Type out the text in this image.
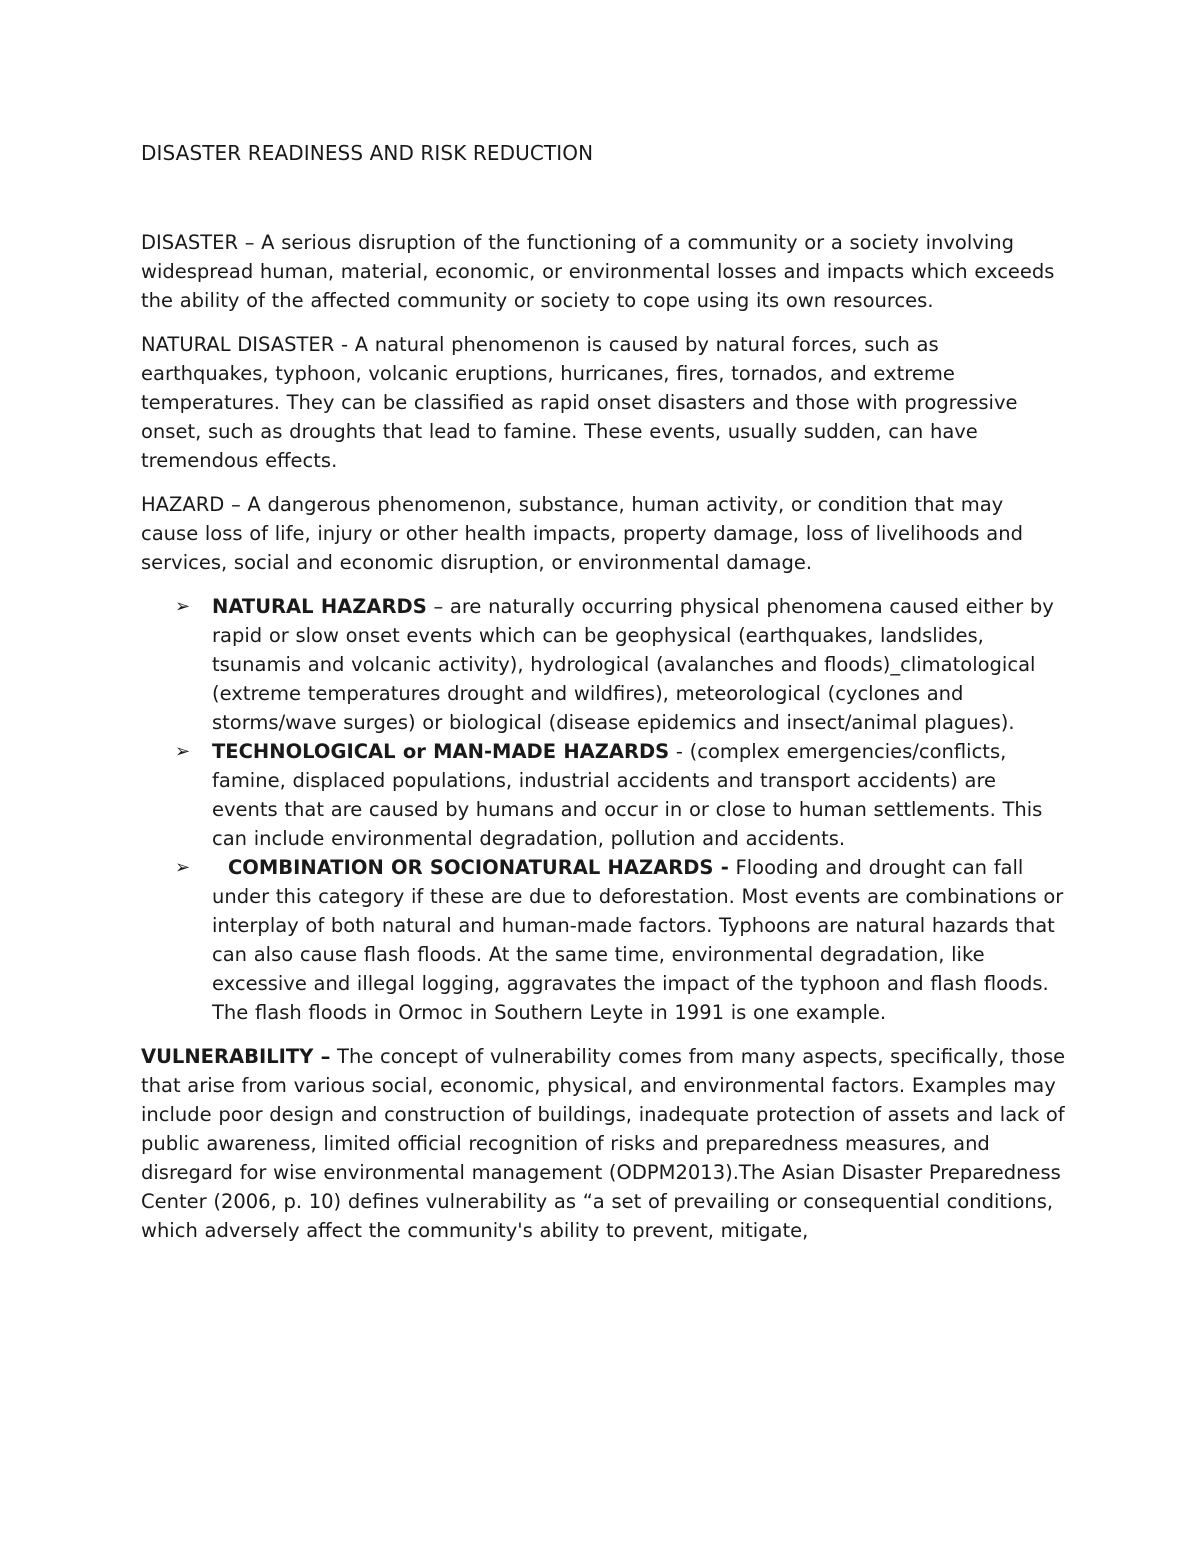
DISASTER READINESS AND RISK REDUCTION

DISASTER – A serious disruption of the functioning of a community or a society involving widespread human, material, economic, or environmental losses and impacts which exceeds the ability of the affected community or society to cope using its own resources.

NATURAL DISASTER - A natural phenomenon is caused by natural forces, such as earthquakes, typhoon, volcanic eruptions, hurricanes, fires, tornados, and extreme temperatures. They can be classified as rapid onset disasters and those with progressive onset, such as droughts that lead to famine. These events, usually sudden, can have tremendous effects.

HAZARD – A dangerous phenomenon, substance, human activity, or condition that may cause loss of life, injury or other health impacts, property damage, loss of livelihoods and services, social and economic disruption, or environmental damage.

➢ NATURAL HAZARDS – are naturally occurring physical phenomena caused either by rapid or slow onset events which can be geophysical (earthquakes, landslides, tsunamis and volcanic activity), hydrological (avalanches and floods)_climatological (extreme temperatures drought and wildfires), meteorological (cyclones and storms/wave surges) or biological (disease epidemics and insect/animal plagues).
➢ TECHNOLOGICAL or MAN-MADE HAZARDS - (complex emergencies/conflicts, famine, displaced populations, industrial accidents and transport accidents) are events that are caused by humans and occur in or close to human settlements. This can include environmental degradation, pollution and accidents.
➢ COMBINATION OR SOCIONATURAL HAZARDS - Flooding and drought can fall under this category if these are due to deforestation. Most events are combinations or interplay of both natural and human-made factors. Typhoons are natural hazards that can also cause flash floods. At the same time, environmental degradation, like excessive and illegal logging, aggravates the impact of the typhoon and flash floods. The flash floods in Ormoc in Southern Leyte in 1991 is one example.

VULNERABILITY – The concept of vulnerability comes from many aspects, specifically, those that arise from various social, economic, physical, and environmental factors. Examples may include poor design and construction of buildings, inadequate protection of assets and lack of public awareness, limited official recognition of risks and preparedness measures, and disregard for wise environmental management (ODPM2013).The Asian Disaster Preparedness Center (2006, p. 10) defines vulnerability as “a set of prevailing or consequential conditions, which adversely affect the community's ability to prevent, mitigate,
